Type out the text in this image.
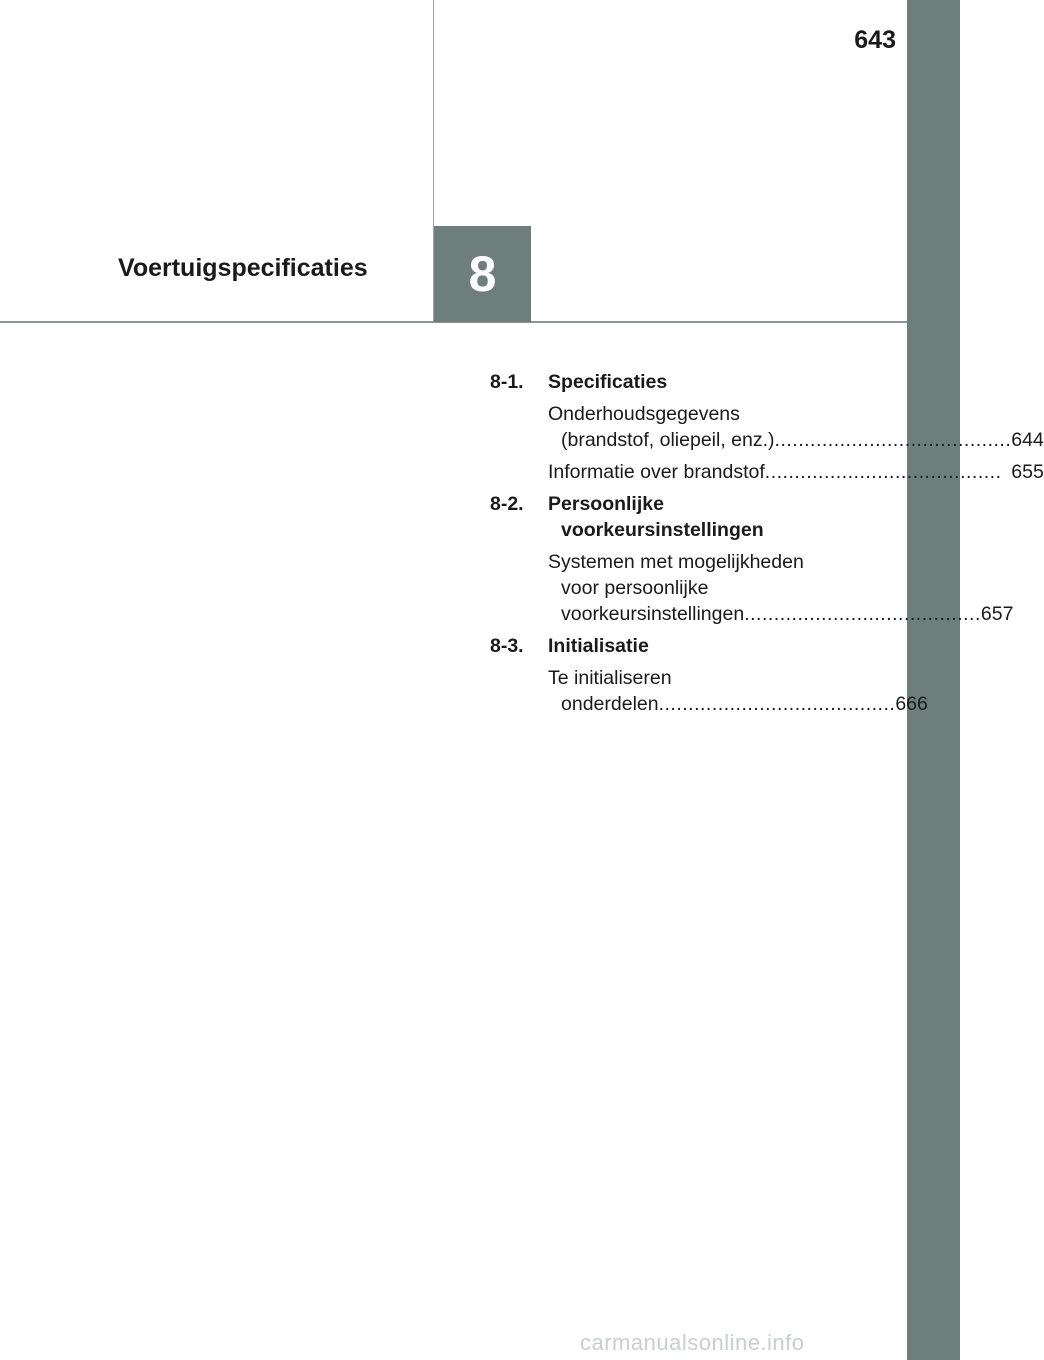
643
Voertuigspecificaties	8
8-1.	Specificaties
Onderhoudsgegevens
(brandstof, oliepeil, enz.) ........................................ 644
Informatie over brandstof ........................................ 655
8-2.	Persoonlijke
voorkeursinstellingen
Systemen met mogelijkheden
voor persoonlijke
voorkeursinstellingen ........................................ 657
8-3.	Initialisatie
Te initialiseren
onderdelen ........................................ 666
carmanualsonline.info
